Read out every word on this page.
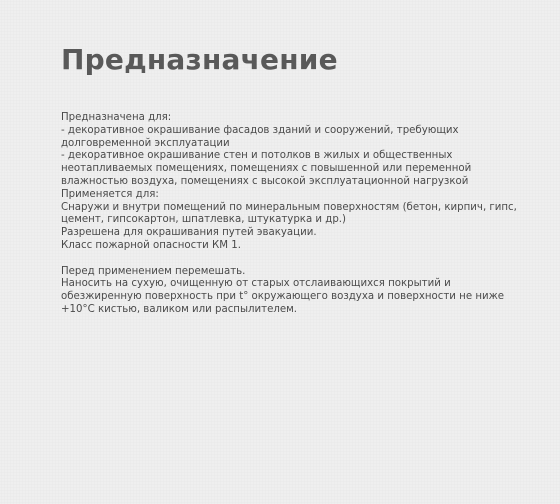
Предназначение
Предназначена для:
- декоративное окрашивание фасадов зданий и сооружений, требующих
долговременной эксплуатации
- декоративное окрашивание стен и потолков в жилых и общественных
неотапливаемых помещениях, помещениях с повышенной или переменной
влажностью воздуха, помещениях с высокой эксплуатационной нагрузкой
Применяется для:
Снаружи и внутри помещений по минеральным поверхностям (бетон, кирпич, гипс,
цемент, гипсокартон, шпатлевка, штукатурка и др.)
Разрешена для окрашивания путей эвакуации.
Класс пожарной опасности КМ 1.
Перед применением перемешать.
Наносить на сухую, очищенную от старых отслаивающихся покрытий и
обезжиренную поверхность при t° окружающего воздуха и поверхности не ниже
+10°C кистью, валиком или распылителем.
